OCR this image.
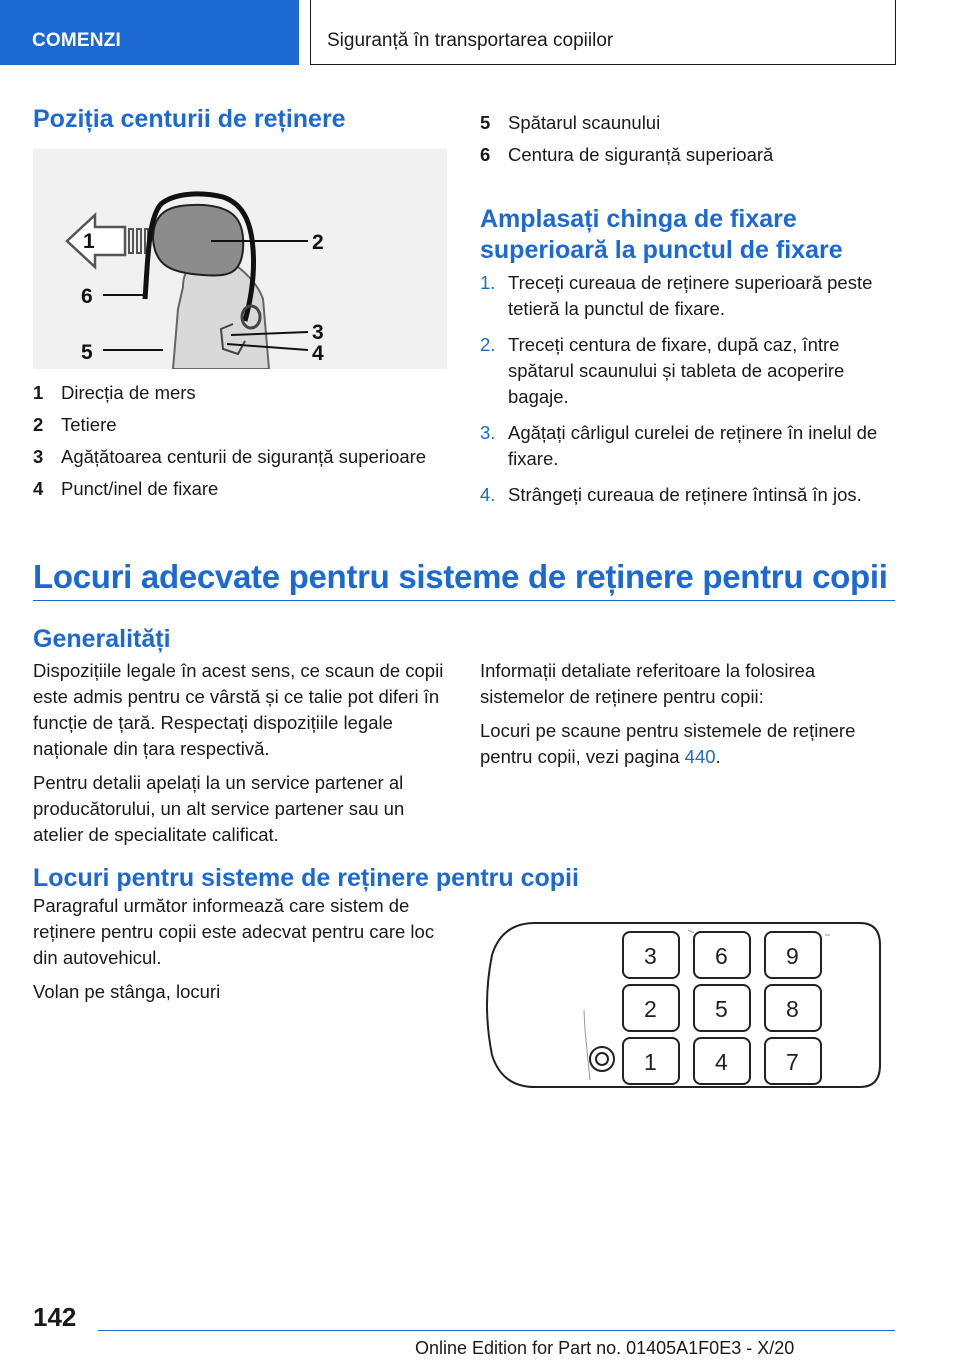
COMENZI	Siguranță în transportarea copiilor
Poziția centurii de reținere
1	2
3
4
5
6
1 Direcția de mers
2 Tetiere
3 Agățătoarea centurii de siguranță superioare
4 Punct/inel de fixare
5 Spătarul scaunului
6 Centura de siguranță superioară
Amplasați chinga de fixare
superioară la punctul de fixare
1. Treceți cureaua de reținere superioară peste tetieră la punctul de fixare.
2. Treceți centura de fixare, după caz, între spătarul scaunului și tableta de acoperire bagaje.
3. Agățați cârligul curelei de reținere în inelul de fixare.
4. Strângeți cureaua de reținere întinsă în jos.
Locuri adecvate pentru sisteme de reținere pentru copii
Generalități

Dispozițiile legale în acest sens, ce scaun de copii este admis pentru ce vârstă și ce talie pot diferi în funcție de țară. Respectați dispozițiile legale naționale din țara respectivă.

Pentru detalii apelați la un service partener al producătorului, un alt service partener sau un atelier de specialitate calificat.

Informații detaliate referitoare la folosirea sistemelor de reținere pentru copii:

Locuri pe scaune pentru sistemele de reținere pentru copii, vezi pagina 440.

Locuri pentru sisteme de reținere pentru copii

Paragraful următor informează care sistem de reținere pentru copii este adecvat pentru care loc din autovehicul.

Volan pe stânga, locuri

3	6	9
2	5	8
1	4	7
142
Online Edition for Part no. 01405A1F0E3 - X/20
